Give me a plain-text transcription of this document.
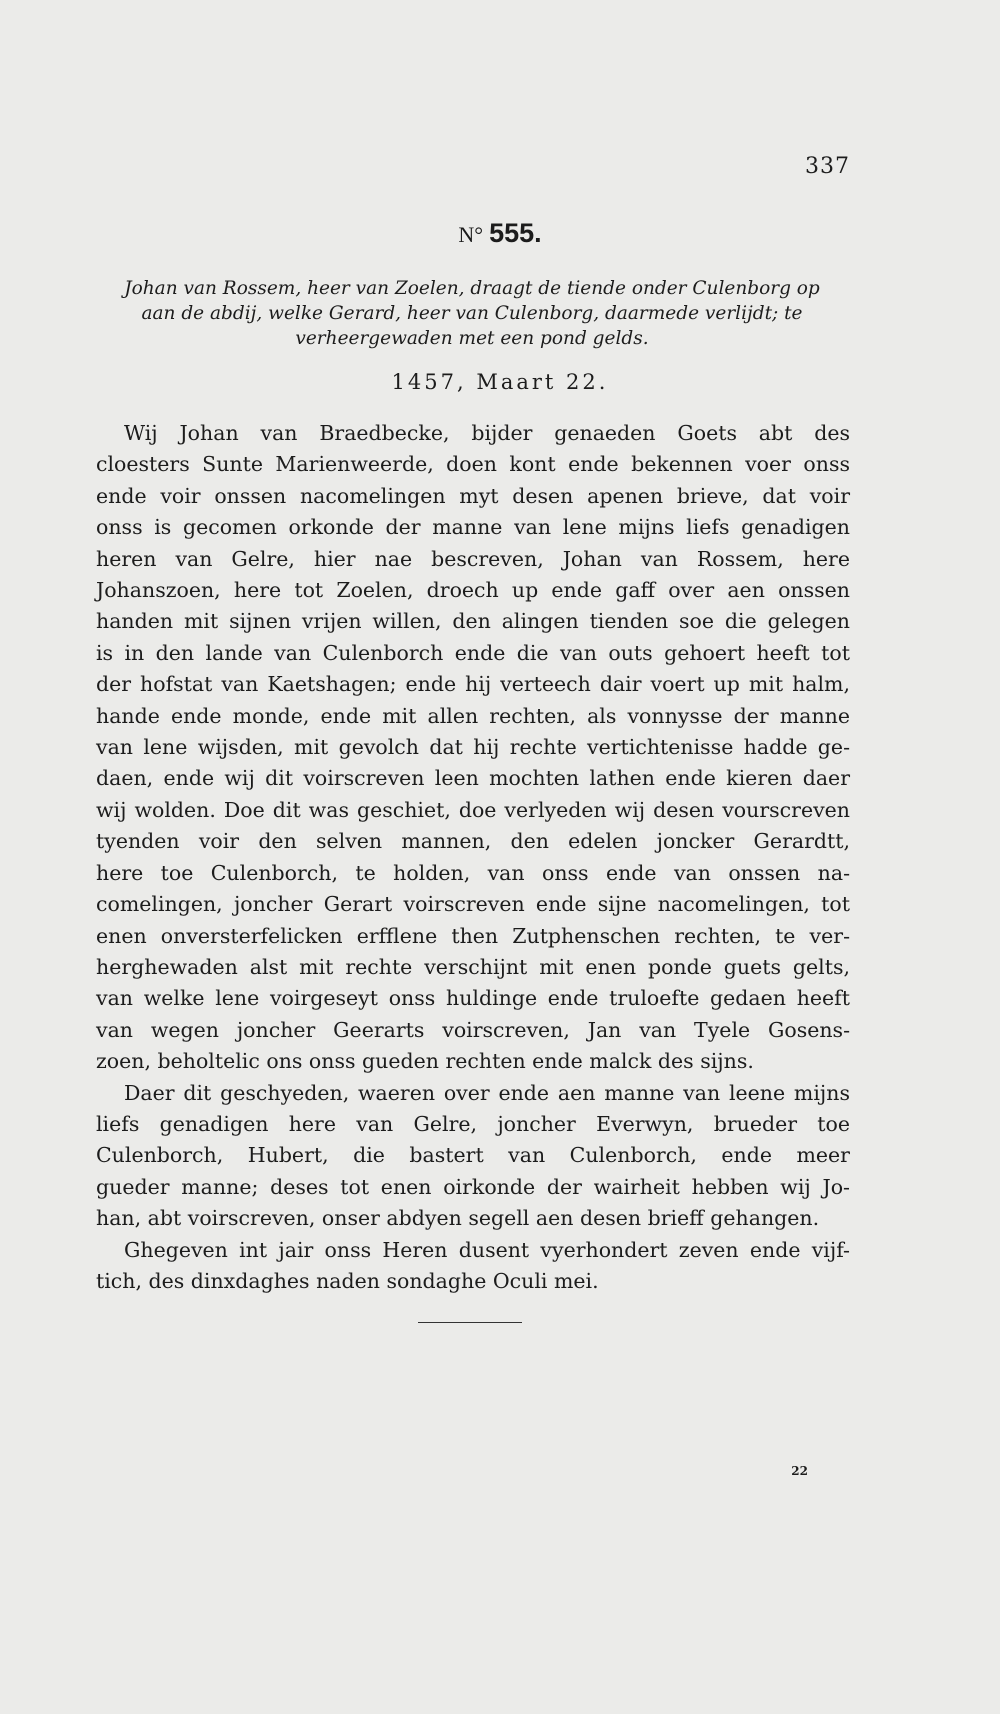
337
N° 555.

Johan van Rossem, heer van Zoelen, draagt de tiende onder Culenborg op
aan de abdij, welke Gerard, heer van Culenborg, daarmede verlijdt; te
verheergewaden met een pond gelds.

1457, Maart 22.

Wij Johan van Braedbecke, bijder genaeden Goets abt des
cloesters Sunte Marienweerde, doen kont ende bekennen voer onss
ende voir onssen nacomelingen myt desen apenen brieve, dat voir
onss is gecomen orkonde der manne van lene mijns liefs genadigen
heren van Gelre, hier nae bescreven, Johan van Rossem, here
Johanszoen, here tot Zoelen, droech up ende gaff over aen onssen
handen mit sijnen vrijen willen, den alingen tienden soe die gelegen
is in den lande van Culenborch ende die van outs gehoert heeft tot
der hofstat van Kaetshagen; ende hij verteech dair voert up mit halm,
hande ende monde, ende mit allen rechten, als vonnysse der manne
van lene wijsden, mit gevolch dat hij rechte vertichtenisse hadde ge-
daen, ende wij dit voirscreven leen mochten lathen ende kieren daer
wij wolden. Doe dit was geschiet, doe verlyeden wij desen vourscreven
tyenden voir den selven mannen, den edelen joncker Gerardtt,
here toe Culenborch, te holden, van onss ende van onssen na-
comelingen, joncher Gerart voirscreven ende sijne nacomelingen, tot
enen onversterfelicken erfflene then Zutphenschen rechten, te ver-
herghewaden alst mit rechte verschijnt mit enen ponde guets gelts,
van welke lene voirgeseyt onss huldinge ende truloefte gedaen heeft
van wegen joncher Geerarts voirscreven, Jan van Tyele Gosens-
zoen, beholtelic ons onss gueden rechten ende malck des sijns.

Daer dit geschyeden, waeren over ende aen manne van leene mijns
liefs genadigen here van Gelre, joncher Everwyn, brueder toe
Culenborch, Hubert, die bastert van Culenborch, ende meer
gueder manne; deses tot enen oirkonde der wairheit hebben wij Jo-
han, abt voirscreven, onser abdyen segell aen desen brieff gehangen.

Ghegeven int jair onss Heren dusent vyerhondert zeven ende vijf-
tich, des dinxdaghes naden sondaghe Oculi mei.

22
